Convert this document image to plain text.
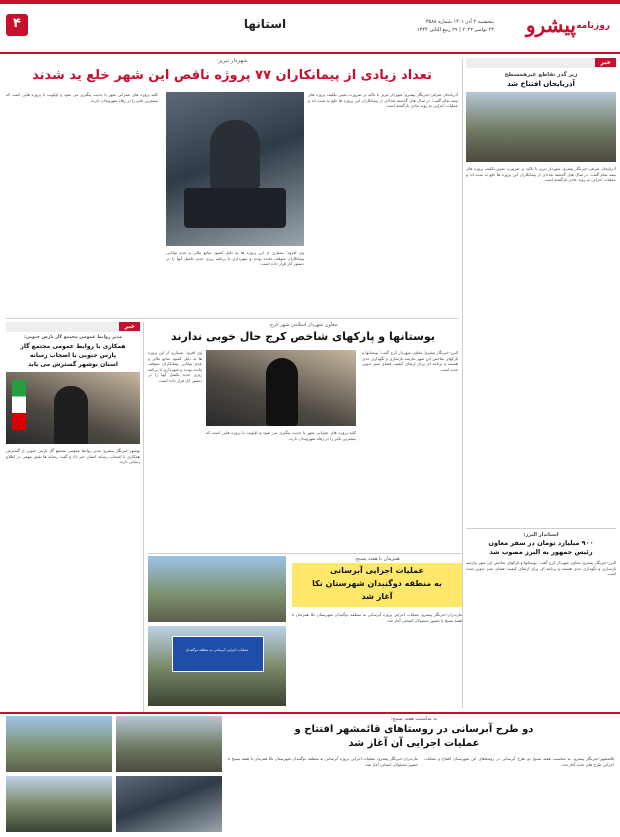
روزنامه
پیشرو
پنجشنبه ۲ آذر ۱۴۰۱ شماره ۳۵۸۸
۲۴ نوامبر ۲۰۲۲ | ۲۹ ربیع الثانی ۱۴۴۴
استانها
۴
خبر
زیر گذر تقاطع غیرهمسطح
آذربایجان افتتاح شد
آذربایجان شرقی-خبرنگار پیشرو: شهردار تبریز با تاکید بر ضرورت تعیین تکلیف پروژه های نیمه تمام گفت: در سال های گذشته تعدادی از پیمانکاران این پروژه ها خلع ید شده اند و عملیات اجرایی به روند عادی بازگشته است.
استاندار البرز:
۹۰۰ میلیارد تومان در سفر معاون
رئیس جمهور به البرز مصوب شد
البرز-خبرنگار پیشرو: معاون شهردار کرج گفت: بوستانها و پارکهای شاخص این شهر نیازمند بازسازی و نگهداری جدی هستند و برنامه ای برای ارتقای کیفیت فضای سبز تدوین شده است.
شهردار تبریز:
تعداد زیادی از پیمانکاران ۷۷ پروژه ناقص این شهر خلع ید شدند
آذربایجان شرقی-خبرنگار پیشرو: شهردار تبریز با تاکید بر ضرورت تعیین تکلیف پروژه های نیمه تمام گفت: در سال های گذشته تعدادی از پیمانکاران این پروژه ها خلع ید شده اند و عملیات اجرایی به روند عادی بازگشته است.
وی افزود: بسیاری از این پروژه ها به دلیل کمبود منابع مالی و عدم توانایی پیمانکاران متوقف مانده بودند و شهرداری با برنامه ریزی جدید تکمیل آنها را در دستور کار قرار داده است.
کلیه پروژه های عمرانی شهر با جدیت پیگیری می شود و اولویت با پروژه هایی است که بیشترین تاثیر را در رفاه شهروندان دارند.
خبر
مدیر روابط عمومی مجتمع گاز پارس جنوبی:
همکاری با روابط عمومی مجتمع گاز
پارس جنوبی با اصحاب رسانه
استان بوشهر گسترش می یابد
بوشهر-خبرنگار پیشرو: مدیر روابط عمومی مجتمع گاز پارس جنوبی از گسترش همکاری با اصحاب رسانه استان خبر داد و گفت رسانه ها نقش مهمی در اطلاع رسانی دارند.
معاون شهردار اسلامی شهر کرج:
بوستانها و پارکهای شاخص کرج حال خوبی ندارند
البرز-خبرنگار پیشرو: معاون شهردار کرج گفت: بوستانها و پارکهای شاخص این شهر نیازمند بازسازی و نگهداری جدی هستند و برنامه ای برای ارتقای کیفیت فضای سبز تدوین شده است.
کلیه پروژه های عمرانی شهر با جدیت پیگیری می شود و اولویت با پروژه هایی است که بیشترین تاثیر را در رفاه شهروندان دارند.
وی افزود: بسیاری از این پروژه ها به دلیل کمبود منابع مالی و عدم توانایی پیمانکاران متوقف مانده بودند و شهرداری با برنامه ریزی جدید تکمیل آنها را در دستور کار قرار داده است.
همزمان با هفته بسیج:
عملیات اجرایی آبرسانی
به منطقه دوگنبدان شهرستان نکا
آغاز شد
مازندران-خبرنگار پیشرو: عملیات اجرایی پروژه آبرسانی به منطقه دوگنبدان شهرستان نکا همزمان با هفته بسیج با حضور مسئولان استانی آغاز شد.
عملیات اجرایی آبرسانی به منطقه دوگنبدان
به مناسبت هفته بسیج:
دو طرح آبرسانی در روستاهای قائمشهر افتتاح و
عملیات اجرایی آن آغاز شد
قائمشهر-خبرنگار پیشرو: به مناسبت هفته بسیج دو طرح آبرسانی در روستاهای این شهرستان افتتاح و عملیات اجرایی طرح های جدید آغاز شد.
مازندران-خبرنگار پیشرو: عملیات اجرایی پروژه آبرسانی به منطقه دوگنبدان شهرستان نکا همزمان با هفته بسیج با حضور مسئولان استانی آغاز شد.
